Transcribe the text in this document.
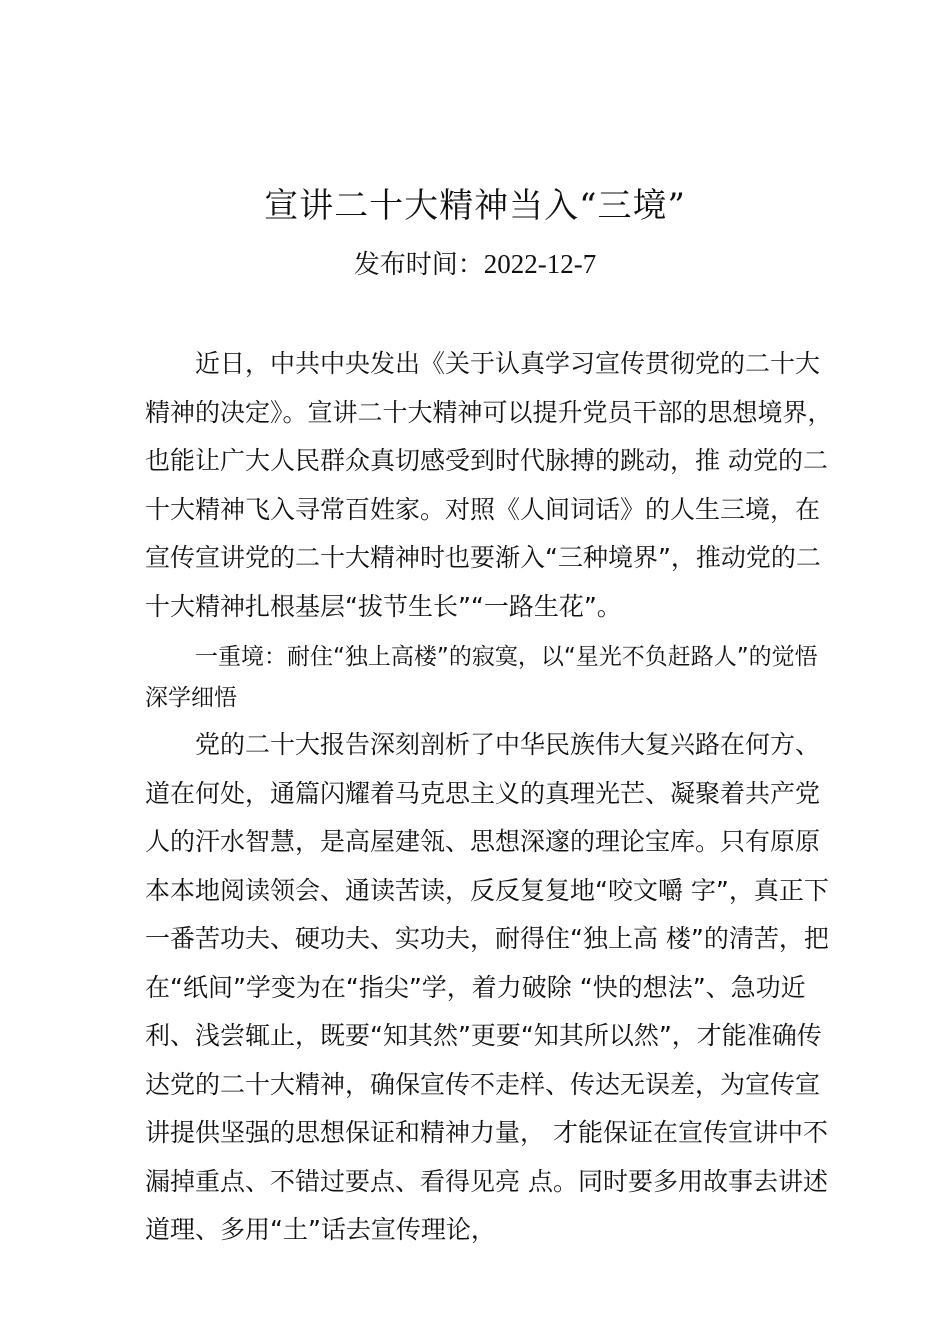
宣讲二十大精神当入“三境”

发布时间：2022-12-7

近日，中共中央发出《关于认真学习宣传贯彻党的二十大精神的决定》。宣讲二十大精神可以提升党员干部的思想境界，也能让广大人民群众真切感受到时代脉搏的跳动，推 动党的二十大精神飞入寻常百姓家。对照《人间词话》的人生三境，在宣传宣讲党的二十大精神时也要渐入“三种境界”，推动党的二十大精神扎根基层“拔节生长”“一路生花”。

一重境：耐住“独上高楼”的寂寞，以“星光不负赶路人”的觉悟深学细悟

党的二十大报告深刻剖析了中华民族伟大复兴路在何方、道在何处，通篇闪耀着马克思主义的真理光芒、凝聚着共产党人的汗水智慧，是高屋建瓴、思想深邃的理论宝库。只有原原本本地阅读领会、通读苦读，反反复复地“咬文嚼 字”，真正下一番苦功夫、硬功夫、实功夫，耐得住“独上高 楼”的清苦，把在“纸间”学变为在“指尖”学，着力破除 “快的想法”、急功近利、浅尝辄止，既要“知其然”更要“知其所以然”，才能准确传达党的二十大精神，确保宣传不走样、传达无误差，为宣传宣讲提供坚强的思想保证和精神力量， 才能保证在宣传宣讲中不漏掉重点、不错过要点、看得见亮 点。同时要多用故事去讲述道理、多用“土”话去宣传理论，
